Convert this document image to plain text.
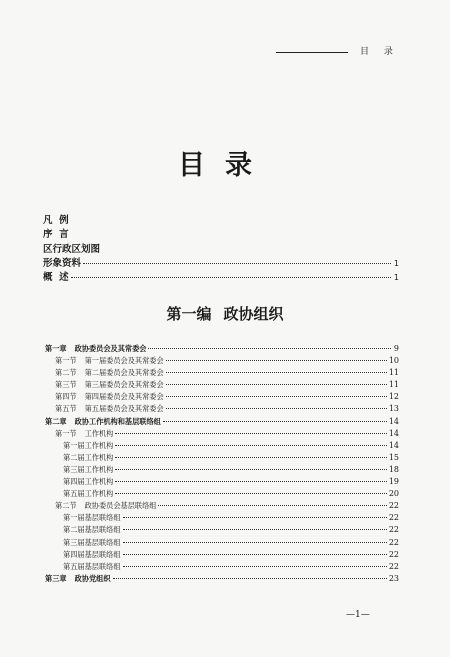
目 录
目录
凡  例
序  言
区行政区划图
形象资料	1
概  述	1
第一编 政协组织
第一章 政协委员会及其常委会	9
第一节 第一届委员会及其常委会	10
第二节 第二届委员会及其常委会	11
第三节 第三届委员会及其常委会	11
第四节 第四届委员会及其常委会	12
第五节 第五届委员会及其常委会	13
第二章 政协工作机构和基层联络组	14
第一节 工作机构	14
第一届工作机构	14
第二届工作机构	15
第三届工作机构	18
第四届工作机构	19
第五届工作机构	20
第二节 政协委员会基层联络组	22
第一届基层联络组	22
第二届基层联络组	22
第三届基层联络组	22
第四届基层联络组	22
第五届基层联络组	22
第三章 政协党组织	23
—1—
